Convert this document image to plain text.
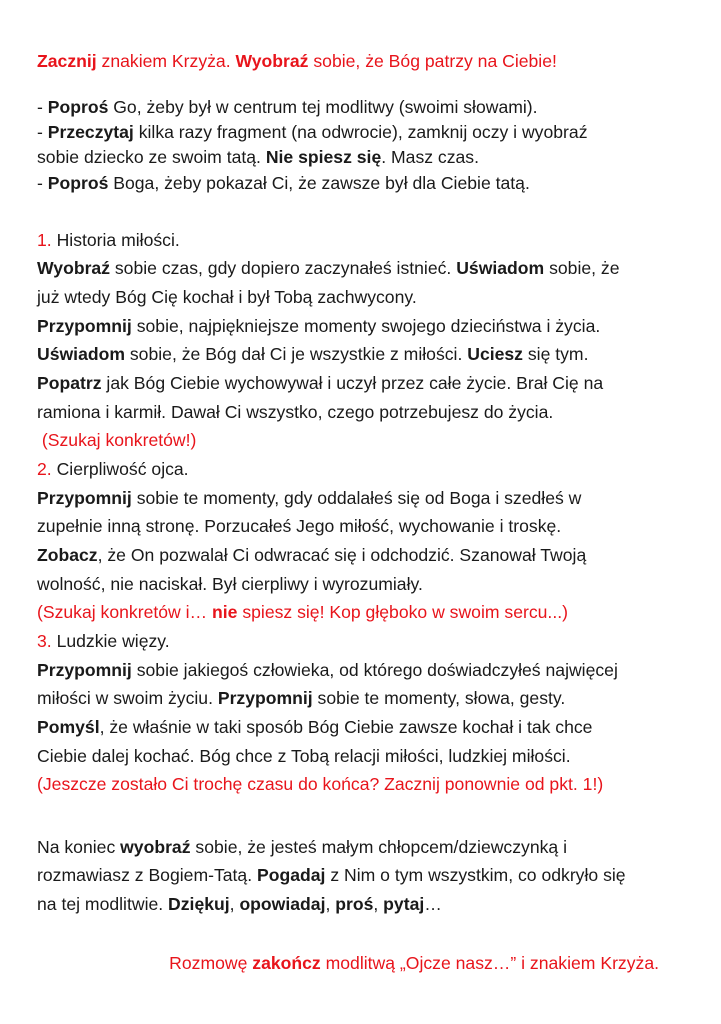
Zacznij znakiem Krzyża. Wyobraź sobie, że Bóg patrzy na Ciebie!
- Poproś Go, żeby był w centrum tej modlitwy (swoimi słowami).
- Przeczytaj kilka razy fragment (na odwrocie), zamknij oczy i wyobraź
sobie dziecko ze swoim tatą. Nie spiesz się. Masz czas.
- Poproś Boga, żeby pokazał Ci, że zawsze był dla Ciebie tatą.
1. Historia miłości.
Wyobraź sobie czas, gdy dopiero zaczynałeś istnieć. Uświadom sobie, że
już wtedy Bóg Cię kochał i był Tobą zachwycony.
Przypomnij sobie, najpiękniejsze momenty swojego dzieciństwa i życia.
Uświadom sobie, że Bóg dał Ci je wszystkie z miłości. Uciesz się tym.
Popatrz jak Bóg Ciebie wychowywał i uczył przez całe życie. Brał Cię na
ramiona i karmił. Dawał Ci wszystko, czego potrzebujesz do życia.
(Szukaj konkretów!)
2. Cierpliwość ojca.
Przypomnij sobie te momenty, gdy oddalałeś się od Boga i szedłeś w
zupełnie inną stronę. Porzucałeś Jego miłość, wychowanie i troskę.
Zobacz, że On pozwalał Ci odwracać się i odchodzić. Szanował Twoją
wolność, nie naciskał. Był cierpliwy i wyrozumiały.
(Szukaj konkretów i… nie spiesz się! Kop głęboko w swoim sercu...)
3. Ludzkie więzy.
Przypomnij sobie jakiegoś człowieka, od którego doświadczyłeś najwięcej
miłości w swoim życiu. Przypomnij sobie te momenty, słowa, gesty.
Pomyśl, że właśnie w taki sposób Bóg Ciebie zawsze kochał i tak chce
Ciebie dalej kochać. Bóg chce z Tobą relacji miłości, ludzkiej miłości.
(Jeszcze zostało Ci trochę czasu do końca? Zacznij ponownie od pkt. 1!)
Na koniec wyobraź sobie, że jesteś małym chłopcem/dziewczynką i
rozmawiasz z Bogiem-Tatą. Pogadaj z Nim o tym wszystkim, co odkryło się
na tej modlitwie. Dziękuj, opowiadaj, proś, pytaj…
Rozmowę zakończ modlitwą „Ojcze nasz…” i znakiem Krzyża.
